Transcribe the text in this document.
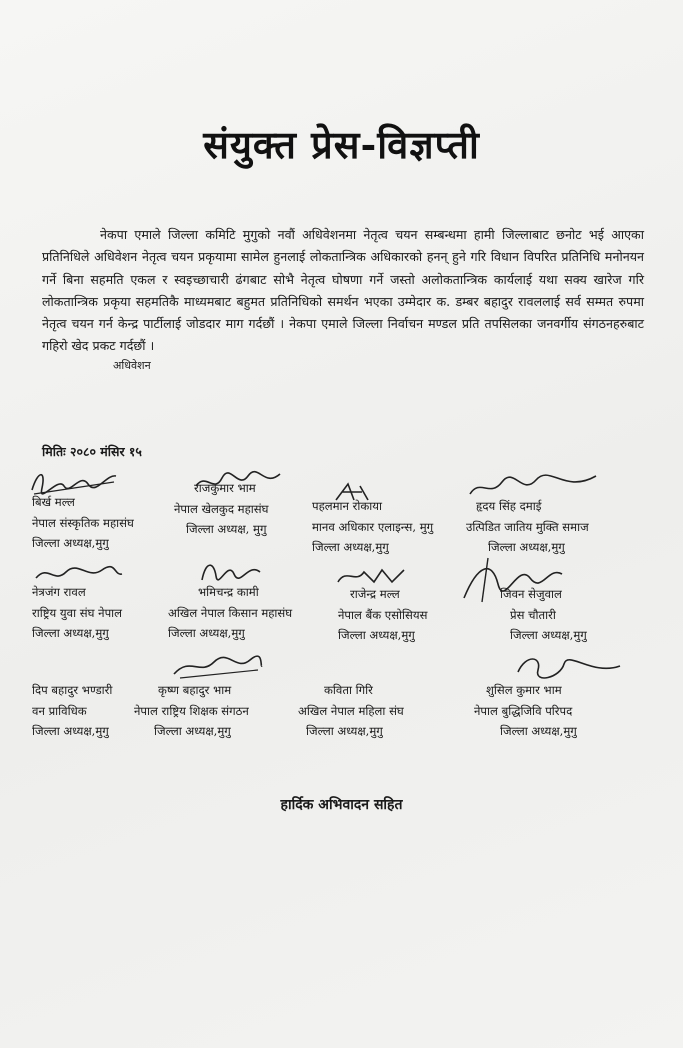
संयुक्त प्रेस-विज्ञप्ती

नेकपा एमाले जिल्ला कमिटि मुगुको नवौं अधिवेशनमा नेतृत्व चयन सम्बन्धमा हामी जिल्लाबाट छनोट भई आएका प्रतिनिधिले अधिवेशन नेतृत्व चयन प्रकृयामा सामेल हुनलाई लोकतान्त्रिक अधिकारको हनन् हुने गरि विधान विपरित प्रतिनिधि मनोनयन गर्ने बिना सहमति एकल र स्वइच्छाचारी ढंगबाट सोभै नेतृत्व घोषणा गर्ने जस्तो अलोकतान्त्रिक कार्यलाई यथा सक्य खारेज गरि लोकतान्त्रिक प्रकृया सहमतिकै माध्यमबाट बहुमत प्रतिनिधिको समर्थन भएका उम्मेदार क. डम्बर बहादुर रावललाई सर्व सम्मत रुपमा नेतृत्व चयन गर्न केन्द्र पार्टीलाई जोडदार माग गर्दछौं । नेकपा एमाले जिल्ला निर्वाचन मण्डल प्रति तपसिलका जनवर्गीय संगठनहरुबाट गहिरो खेद प्रकट गर्दछौं ।

अधिवेशन
मितिः २०८० मंसिर १५
बिर्ख मल्ल
नेपाल संस्कृतिक महासंघ
जिल्ला अध्यक्ष,मुगु
राजकुमार भाम
नेपाल खेलकुद महासंघ
जिल्ला अध्यक्ष, मुगु
पहलमान रोकाया
मानव अधिकार एलाइन्स, मुगु
जिल्ला अध्यक्ष,मुगु
हृदय सिंह दमाई
उत्पिडित जातिय मुक्ति समाज
जिल्ला अध्यक्ष,मुगु
नेत्रजंग रावल
राष्ट्रिय युवा संघ नेपाल
जिल्ला अध्यक्ष,मुगु
भमिचन्द्र कामी
अखिल नेपाल किसान महासंघ
जिल्ला अध्यक्ष,मुगु
राजेन्द्र मल्ल
नेपाल बैंक एसोसियस
जिल्ला अध्यक्ष,मुगु
जिवन सेजुवाल
प्रेस चौतारी
जिल्ला अध्यक्ष,मुगु
दिप बहादुर भण्डारी
वन प्राविधिक
जिल्ला अध्यक्ष,मुगु
कृष्ण बहादुर भाम
नेपाल राष्ट्रिय शिक्षक संगठन
जिल्ला अध्यक्ष,मुगु
कविता गिरि
अखिल नेपाल महिला संघ
जिल्ला अध्यक्ष,मुगु
शुसिल कुमार भाम
नेपाल बुद्धिजिवि परिपद
जिल्ला अध्यक्ष,मुगु
हार्दिक अभिवादन सहित
